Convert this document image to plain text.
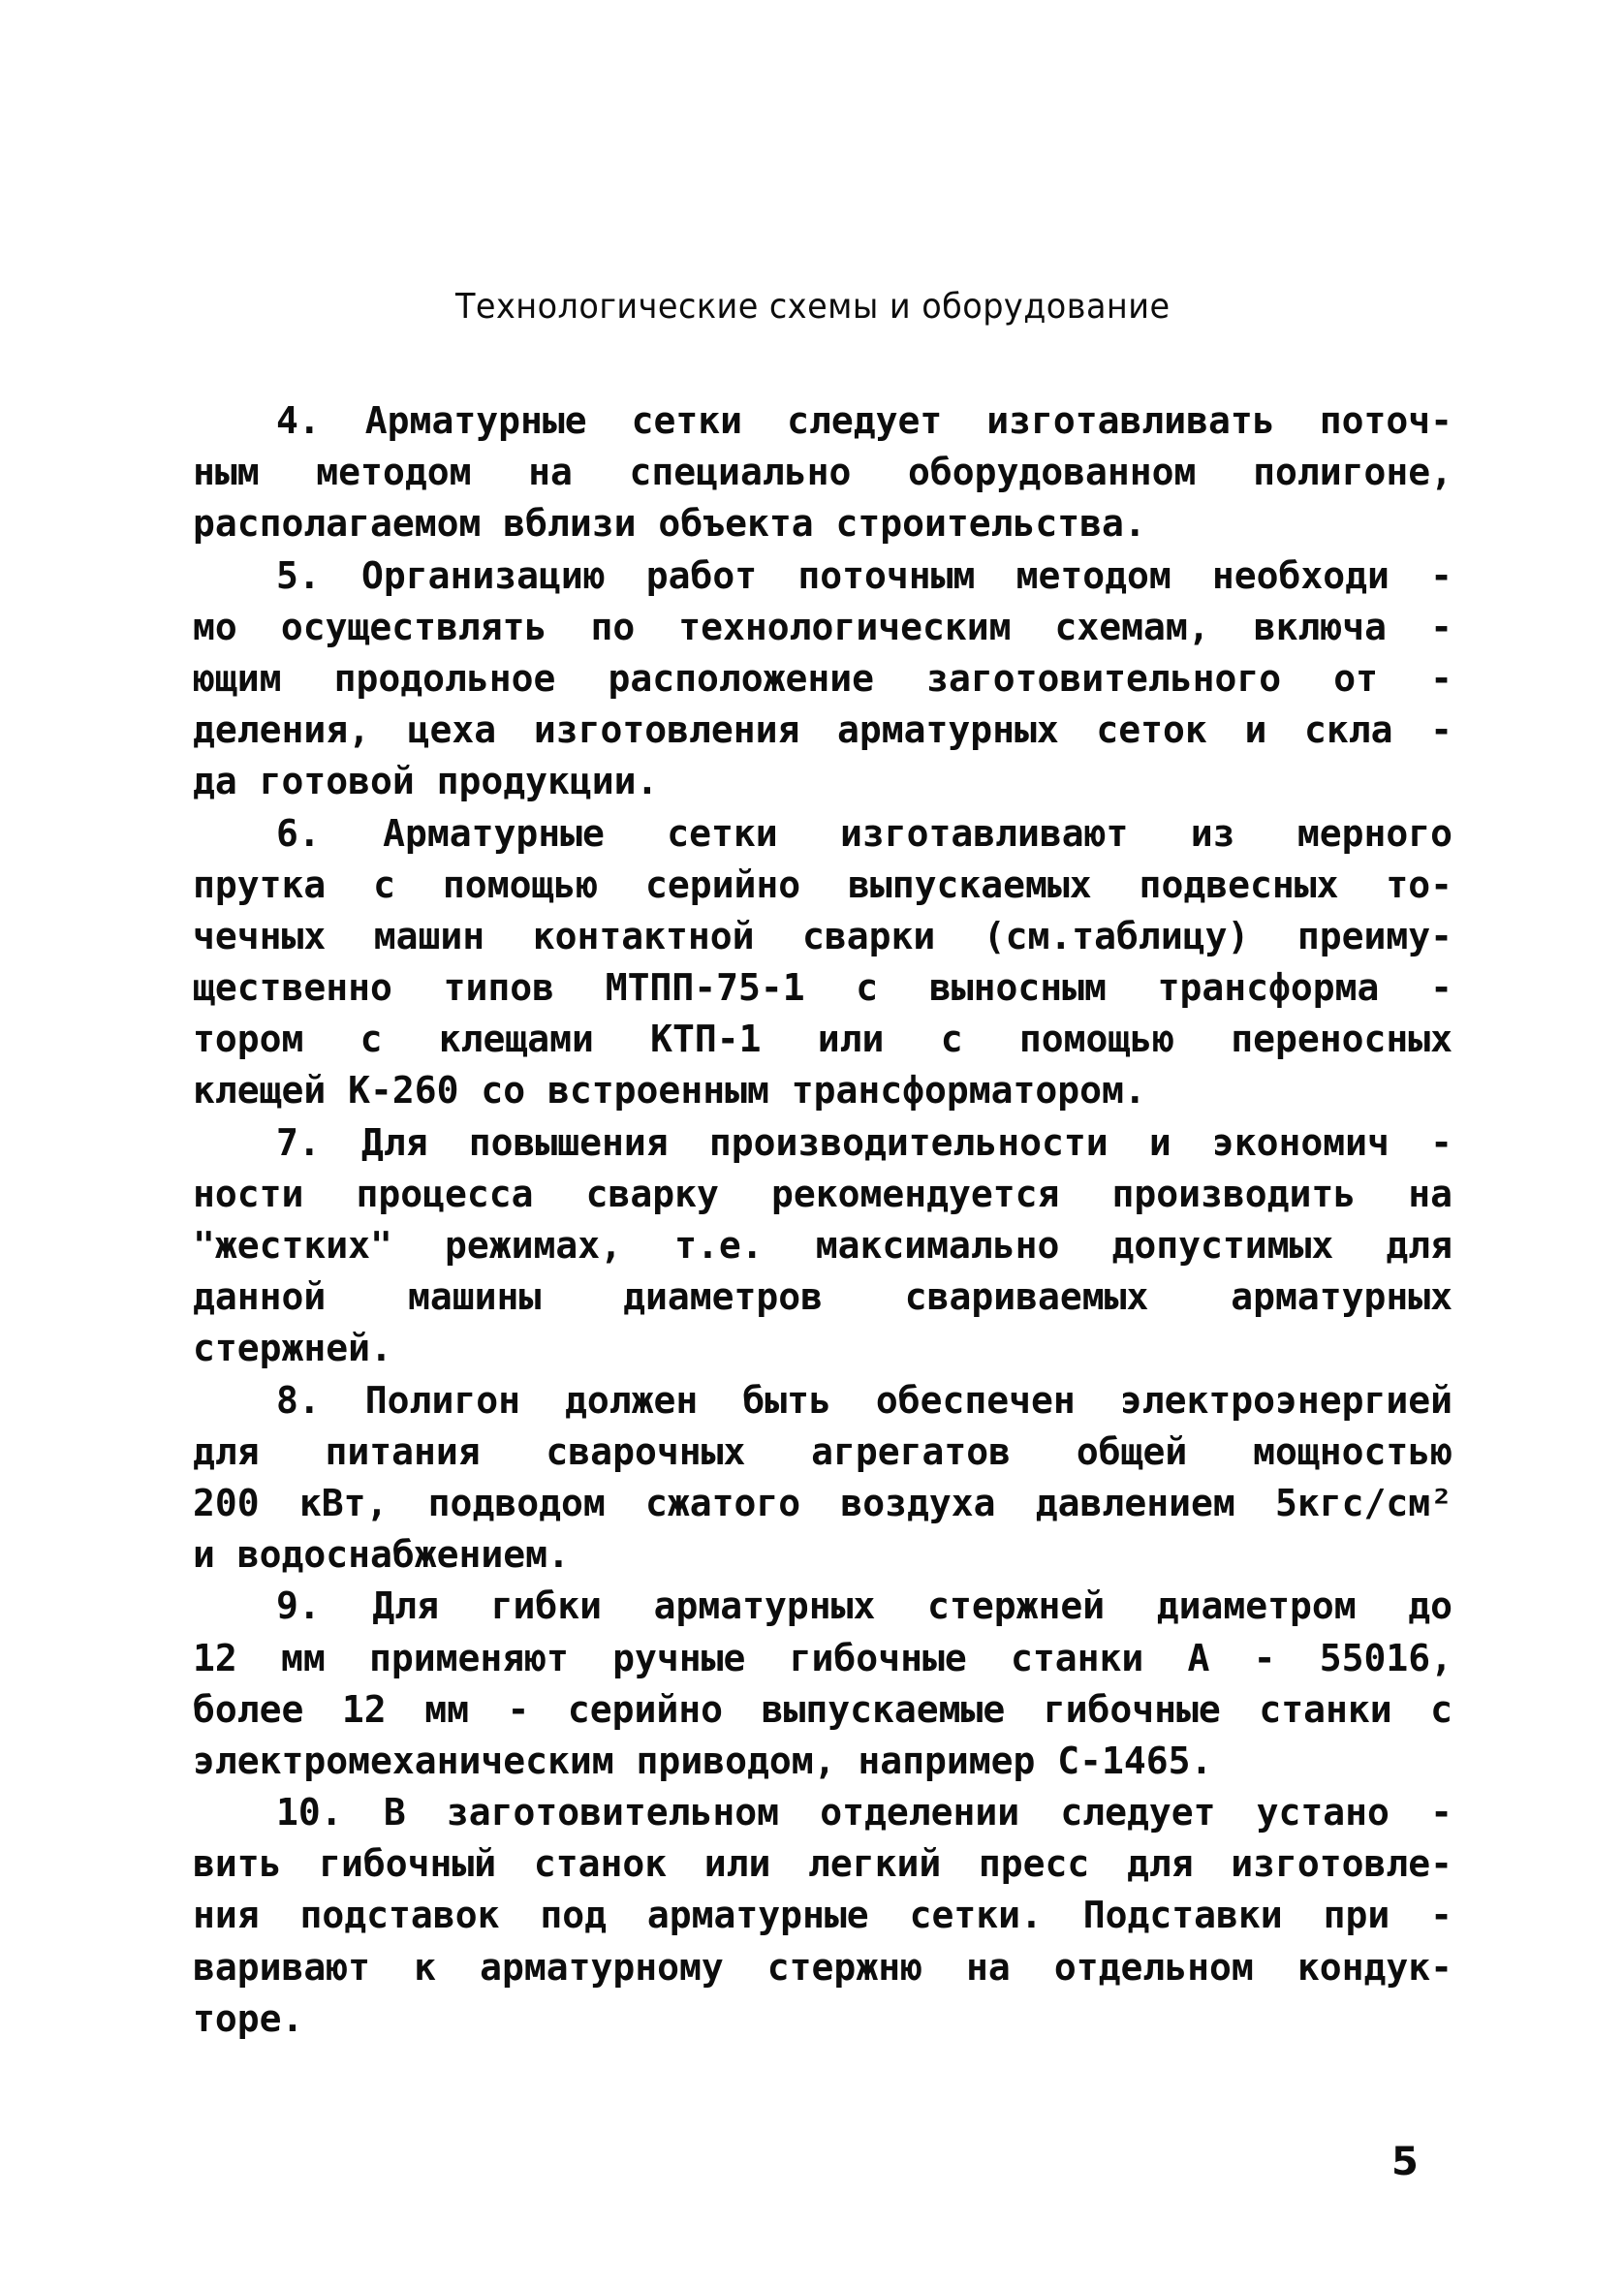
Технологические схемы и оборудование
4. Арматурные сетки следует изготавливать поточ-
ным методом на специально оборудованном полигоне,
располагаемом вблизи объекта строительства.
5. Организацию работ поточным методом необходи -
мо осуществлять по технологическим схемам, включа -
ющим продольное расположение заготовительного от -
деления, цеха изготовления арматурных сеток и скла -
да готовой продукции.
6. Арматурные сетки изготавливают из мерного
прутка с помощью серийно выпускаемых подвесных то-
чечных машин контактной сварки (см.таблицу) преиму-
щественно типов МТПП-75-1 с выносным трансформа -
тором с клещами КТП-1 или с помощью переносных
клещей К-260 со встроенным трансформатором.
7. Для повышения производительности и экономич -
ности процесса сварку рекомендуется производить на
"жестких" режимах, т.е. максимально допустимых для
данной машины диаметров свариваемых арматурных
стержней.
8. Полигон должен быть обеспечен электроэнергией
для питания сварочных агрегатов общей мощностью
200 кВт, подводом сжатого воздуха давлением 5кгс/см²
и водоснабжением.
9. Для гибки арматурных стержней диаметром до
12 мм применяют ручные гибочные станки А - 55016,
более 12 мм - серийно выпускаемые гибочные станки с
электромеханическим приводом, например С-1465.
10. В заготовительном отделении следует устано -
вить гибочный станок или легкий пресс для изготовле-
ния подставок под арматурные сетки. Подставки при -
варивают к арматурному стержню на отдельном кондук-
торе.
5
